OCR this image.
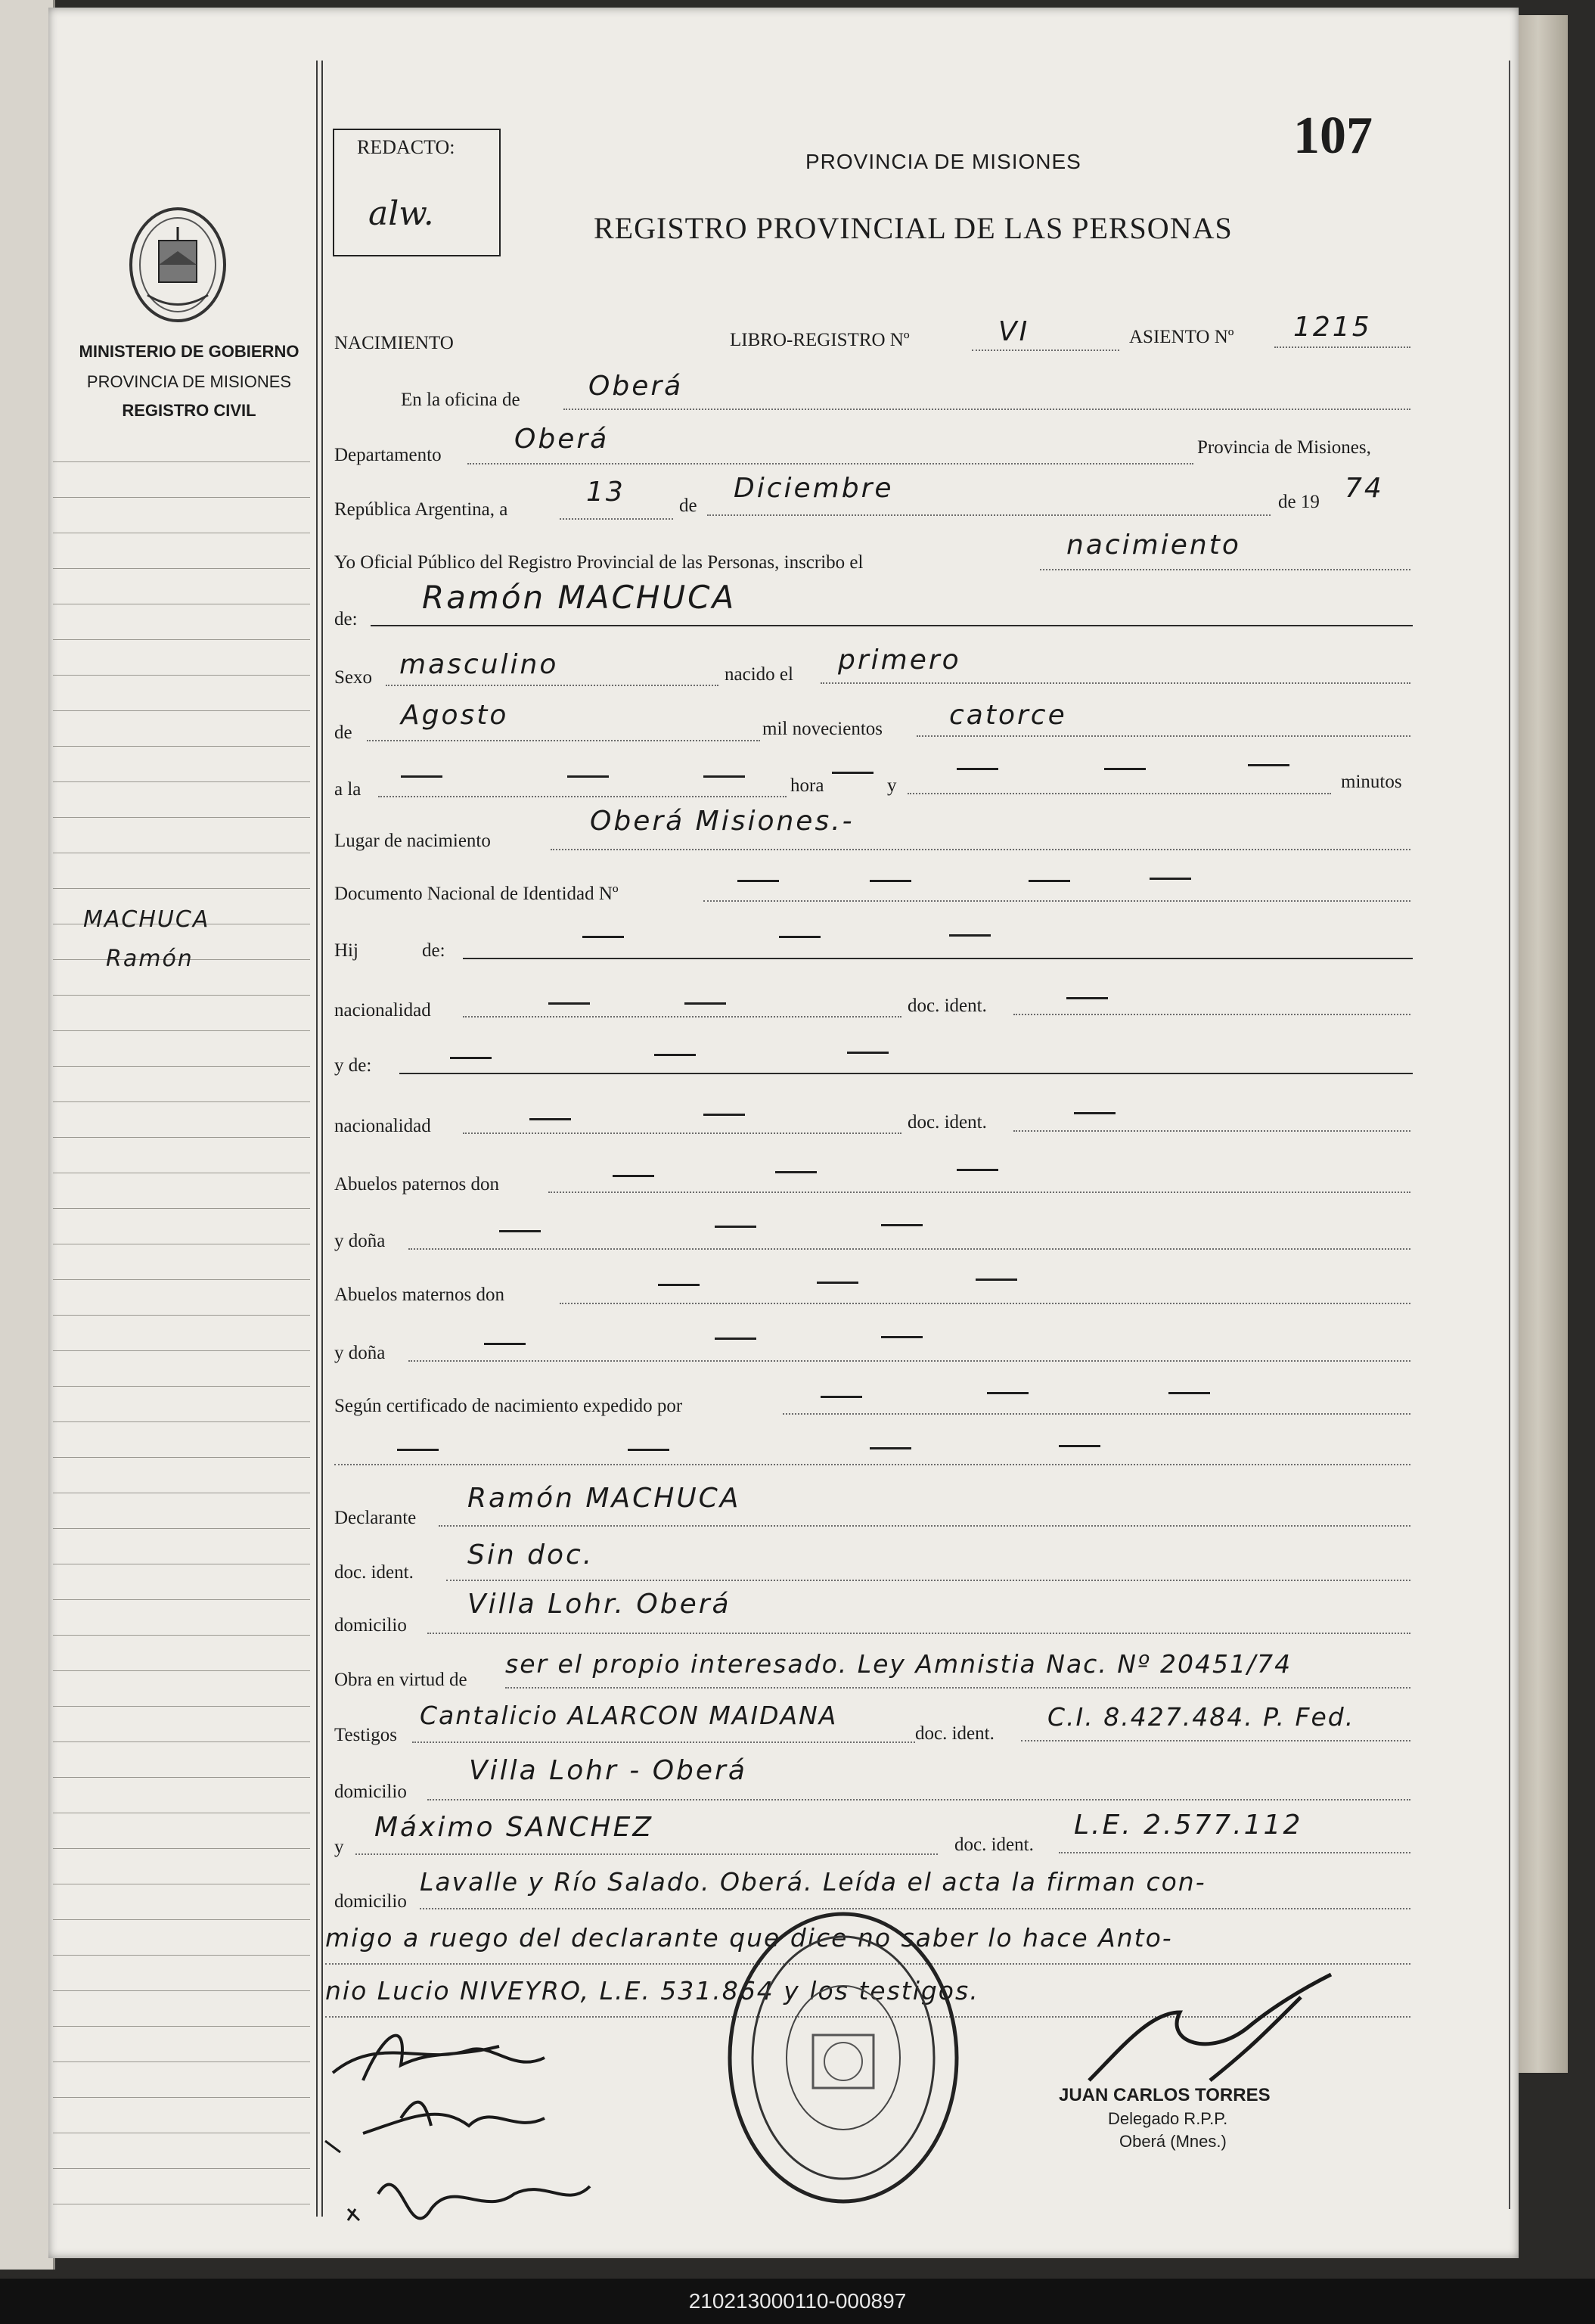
MINISTERIO DE GOBIERNO
PROVINCIA DE MISIONES
REGISTRO CIVIL
MACHUCA
Ramón
REDACTO:
alw.
107
PROVINCIA DE MISIONES
REGISTRO PROVINCIAL DE LAS PERSONAS
NACIMIENTO	LIBRO-REGISTRO Nº	VI	ASIENTO Nº 1215
En la oficina de	Oberá
Departamento
Oberá	Provincia de Misiones,
República Argentina, a
13	de
Diciembre	de 19 74
Yo Oficial Público del Registro Provincial de las Personas, inscribo el
nacimiento
de:
Ramón MACHUCA
Sexo masculino	nacido el primero
de
Agosto	mil novecientos catorce
a la	hora	y	minutos
Lugar de nacimiento
Oberá Misiones.-
Documento Nacional de Identidad Nº
Hij	de:
nacionalidad	doc. ident.
y de:
nacionalidad	doc. ident.
Abuelos paternos don
y doña
Abuelos maternos don
y doña
Según certificado de nacimiento expedido por
Declarante
Ramón MACHUCA
doc. ident.
Sin doc.
domicilio
Villa Lohr. Oberá
Obra en virtud de
ser el propio interesado. Ley Amnistia Nac. Nº 20451/74
Testigos
Cantalicio ALARCON MAIDANA
doc. ident.
C.I. 8.427.484. P. Fed.
domicilio
Villa Lohr - Oberá
y
Máximo SANCHEZ
doc. ident.
L.E. 2.577.112
domicilio
Lavalle y Río Salado. Oberá. Leída el acta la firman con-
migo a ruego del declarante que dice no saber lo hace Anto-
nio Lucio NIVEYRO, L.E. 531.864 y los testigos.
JUAN CARLOS TORRES
Delegado R.P.P.
Oberá (Mnes.)
210213000110-000897
